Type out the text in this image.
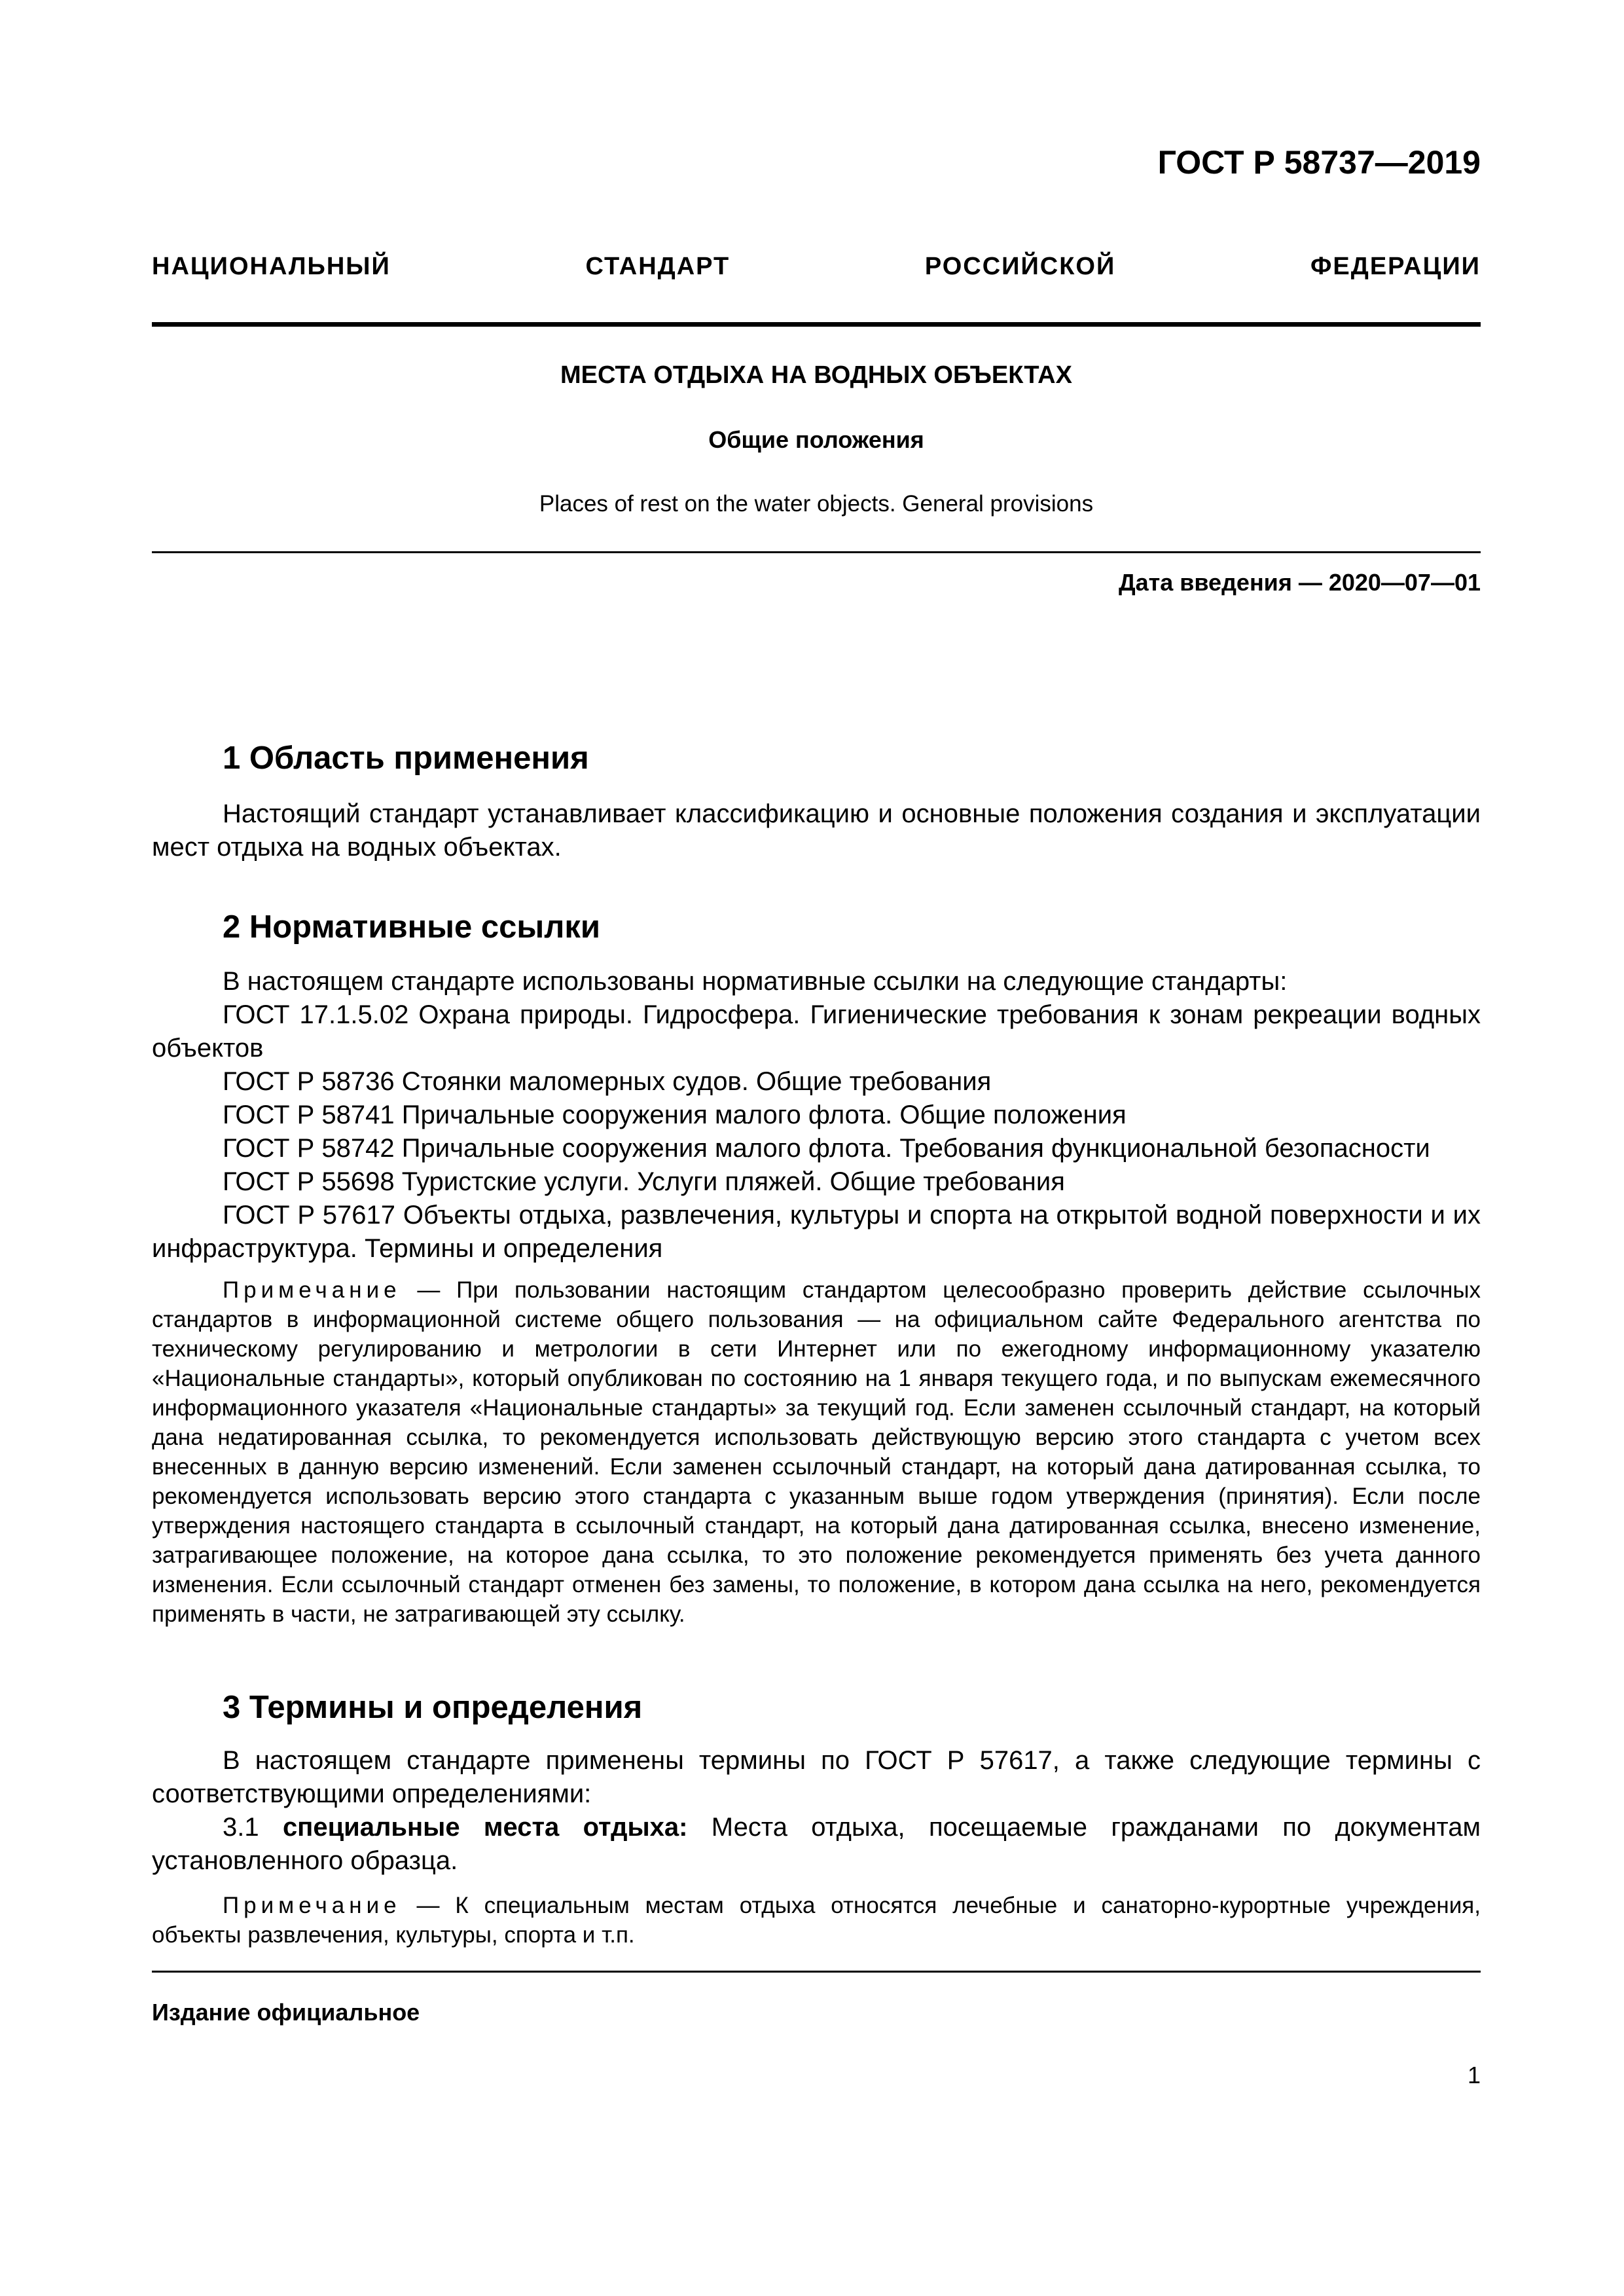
ГОСТ Р 58737—2019
НАЦИОНАЛЬНЫЙ СТАНДАРТ РОССИЙСКОЙ ФЕДЕРАЦИИ
МЕСТА ОТДЫХА НА ВОДНЫХ ОБЪЕКТАХ
Общие положения
Places of rest on the water objects. General provisions
Дата введения — 2020—07—01
1 Область применения
Настоящий стандарт устанавливает классификацию и основные положения создания и эксплуатации мест отдыха на водных объектах.
2 Нормативные ссылки
В настоящем стандарте использованы нормативные ссылки на следующие стандарты:
ГОСТ 17.1.5.02 Охрана природы. Гидросфера. Гигиенические требования к зонам рекреации водных объектов
ГОСТ Р 58736 Стоянки маломерных судов. Общие требования
ГОСТ Р 58741 Причальные сооружения малого флота. Общие положения
ГОСТ Р 58742 Причальные сооружения малого флота. Требования функциональной безопасности
ГОСТ Р 55698 Туристские услуги. Услуги пляжей. Общие требования
ГОСТ Р 57617 Объекты отдыха, развлечения, культуры и спорта на открытой водной поверхности и их инфраструктура. Термины и определения
Примечание — При пользовании настоящим стандартом целесообразно проверить действие ссылочных стандартов в информационной системе общего пользования — на официальном сайте Федерального агентства по техническому регулированию и метрологии в сети Интернет или по ежегодному информационному указателю «Национальные стандарты», который опубликован по состоянию на 1 января текущего года, и по выпускам ежемесячного информационного указателя «Национальные стандарты» за текущий год. Если заменен ссылочный стандарт, на который дана недатированная ссылка, то рекомендуется использовать действующую версию этого стандарта с учетом всех внесенных в данную версию изменений. Если заменен ссылочный стандарт, на который дана датированная ссылка, то рекомендуется использовать версию этого стандарта с указанным выше годом утверждения (принятия). Если после утверждения настоящего стандарта в ссылочный стандарт, на который дана датированная ссылка, внесено изменение, затрагивающее положение, на которое дана ссылка, то это положение рекомендуется применять без учета данного изменения. Если ссылочный стандарт отменен без замены, то положение, в котором дана ссылка на него, рекомендуется применять в части, не затрагивающей эту ссылку.
3 Термины и определения
В настоящем стандарте применены термины по ГОСТ Р 57617, а также следующие термины с соответствующими определениями:
3.1 специальные места отдыха: Места отдыха, посещаемые гражданами по документам установленного образца.
Примечание — К специальным местам отдыха относятся лечебные и санаторно-курортные учреждения, объекты развлечения, культуры, спорта и т.п.
Издание официальное
1
